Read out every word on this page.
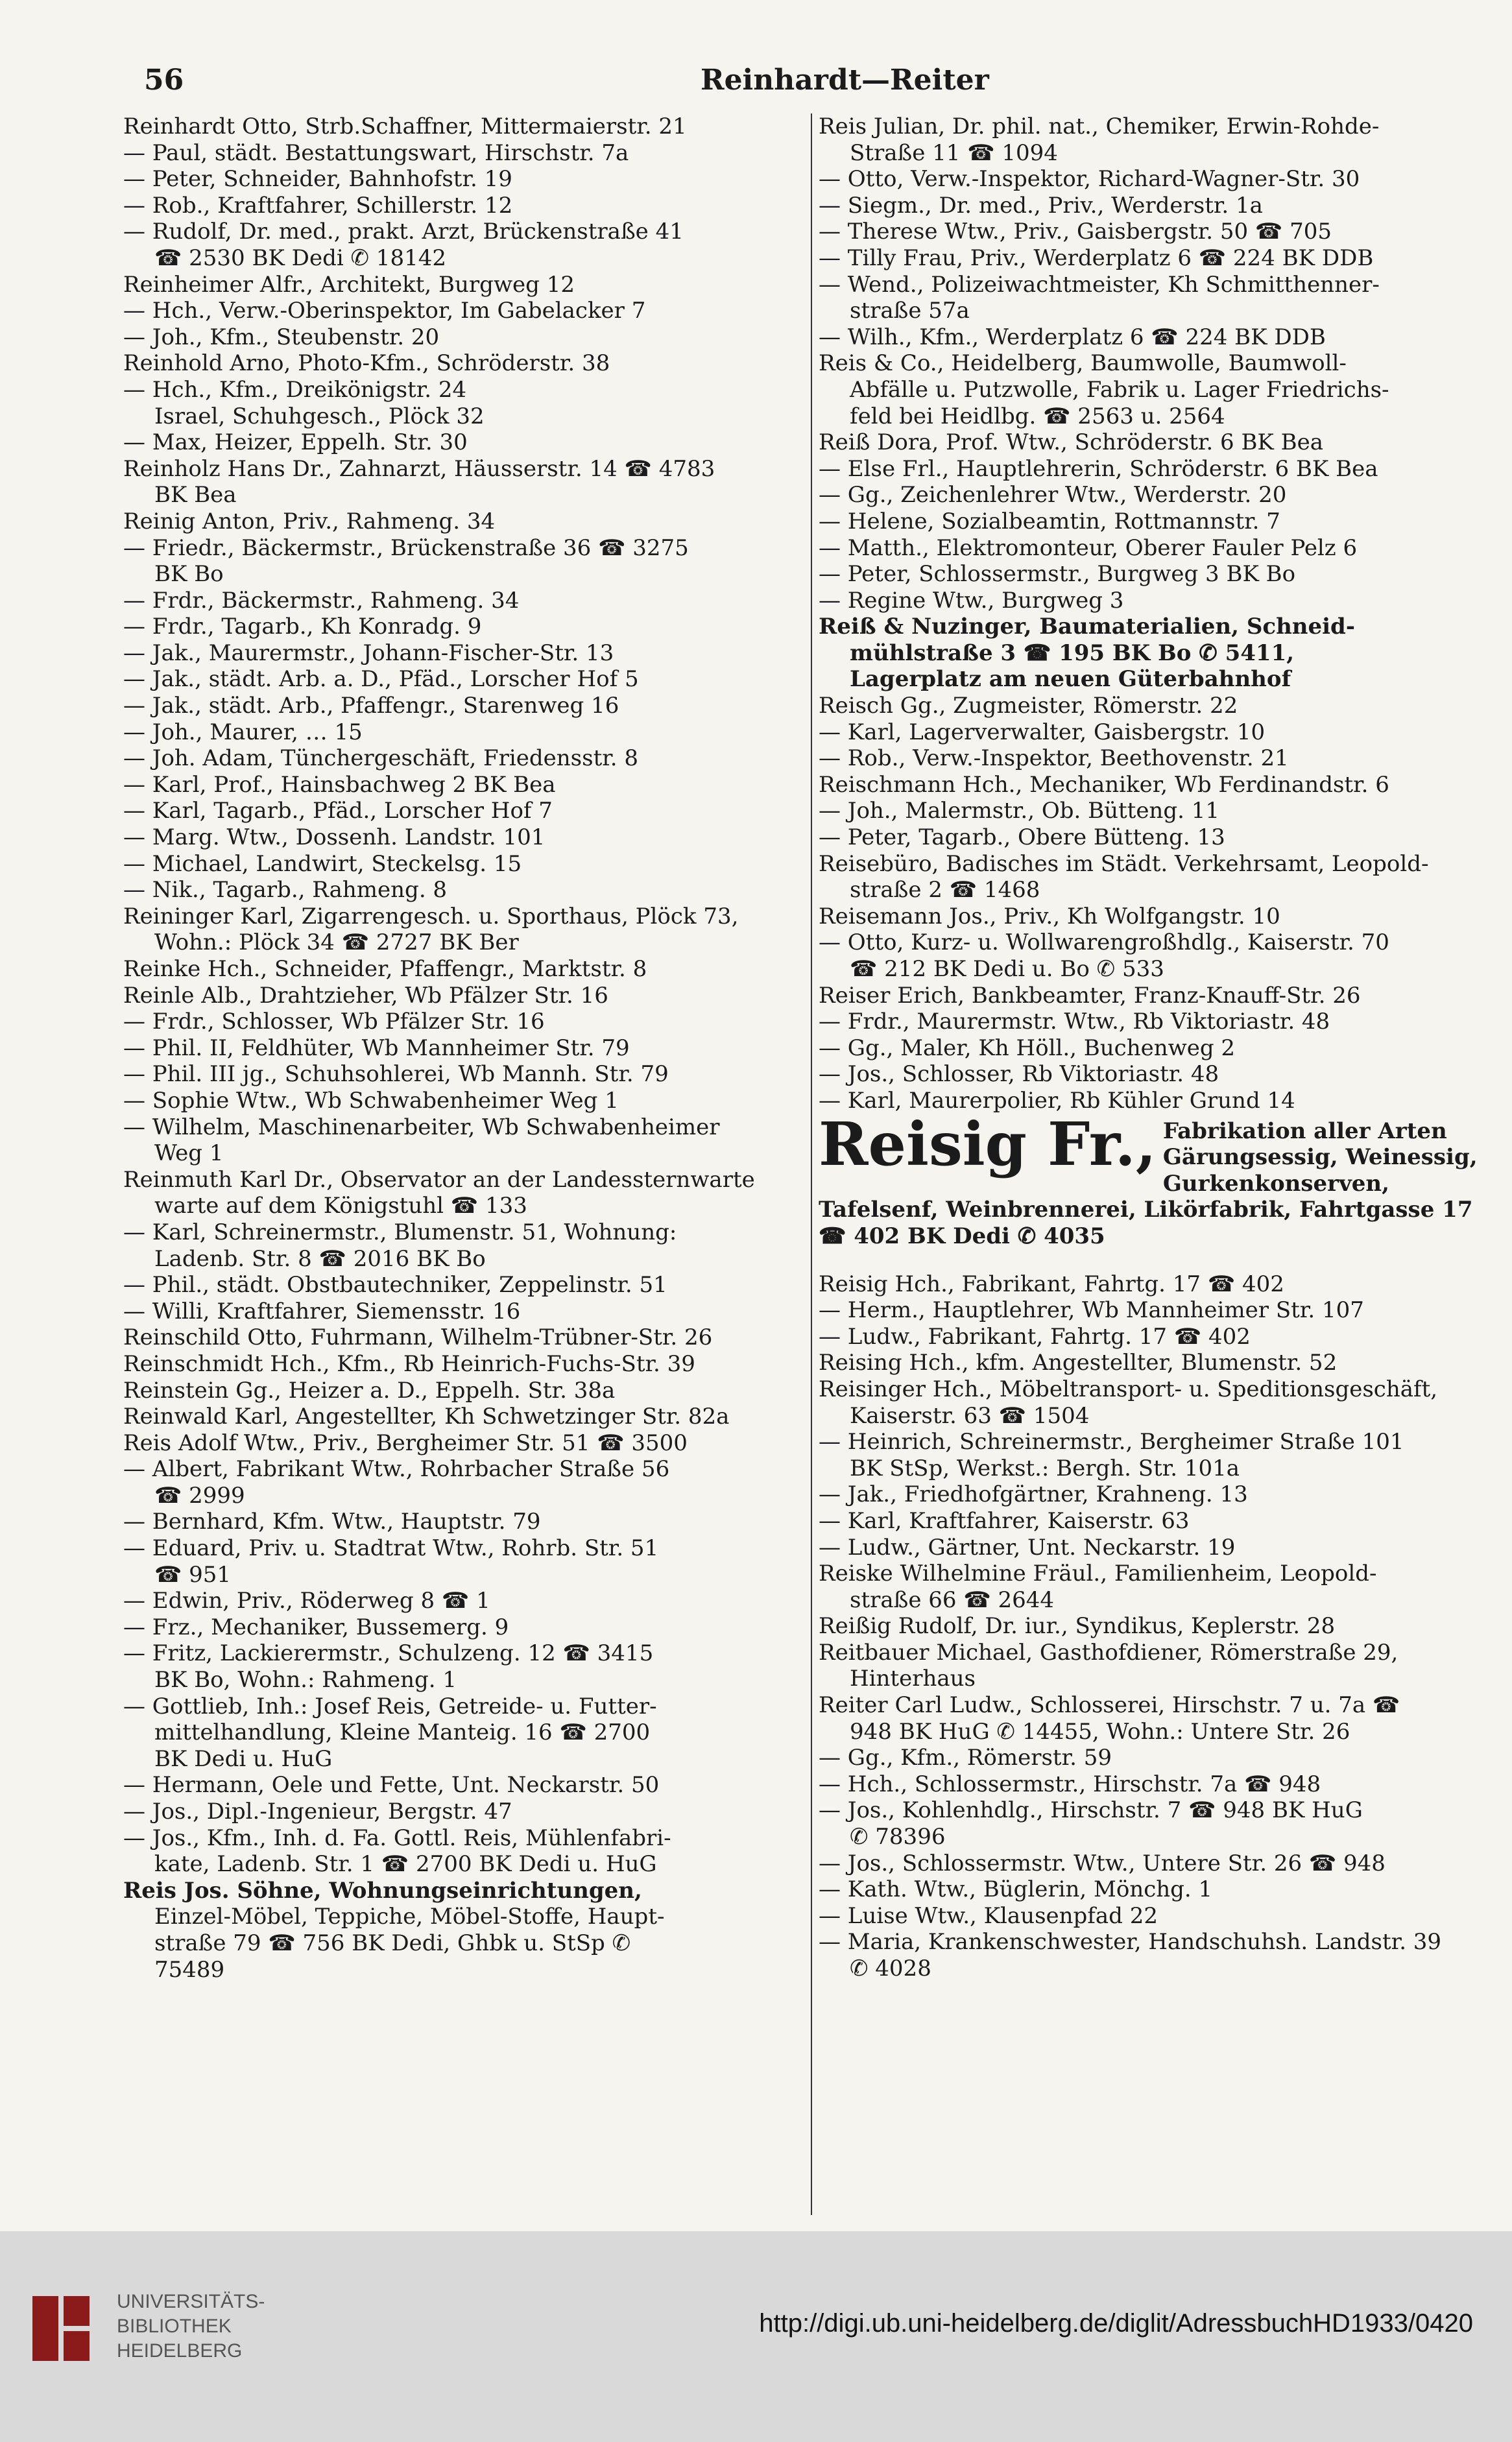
56	Reinhardt—Reiter
Reinhardt Otto, Strb.Schaffner, Mittermaierstr. 21
— Paul, städt. Bestattungswart, Hirschstr. 7a
— Peter, Schneider, Bahnhofstr. 19
— Rob., Kraftfahrer, Schillerstr. 12
— Rudolf, Dr. med., prakt. Arzt, Brückenstraße 41
☎ 2530 BK Dedi ✆ 18142
Reinheimer Alfr., Architekt, Burgweg 12
— Hch., Verw.-Oberinspektor, Im Gabelacker 7
— Joh., Kfm., Steubenstr. 20
Reinhold Arno, Photo-Kfm., Schröderstr. 38
— Hch., Kfm., Dreikönigstr. 24
Israel, Schuhgesch., Plöck 32
— Max, Heizer, Eppelh. Str. 30
Reinholz Hans Dr., Zahnarzt, Häusserstr. 14 ☎ 4783
BK Bea
Reinig Anton, Priv., Rahmeng. 34
— Friedr., Bäckermstr., Brückenstraße 36 ☎ 3275
BK Bo
— Frdr., Bäckermstr., Rahmeng. 34
— Frdr., Tagarb., Kh Konradg. 9
— Jak., Maurermstr., Johann-Fischer-Str. 13
— Jak., städt. Arb. a. D., Pfäd., Lorscher Hof 5
— Jak., städt. Arb., Pfaffengr., Starenweg 16
— Joh., Maurer, … 15
— Joh. Adam, Tünchergeschäft, Friedensstr. 8
— Karl, Prof., Hainsbachweg 2 BK Bea
— Karl, Tagarb., Pfäd., Lorscher Hof 7
— Marg. Wtw., Dossenh. Landstr. 101
— Michael, Landwirt, Steckelsg. 15
— Nik., Tagarb., Rahmeng. 8
Reininger Karl, Zigarrengesch. u. Sporthaus, Plöck 73,
Wohn.: Plöck 34 ☎ 2727 BK Ber
Reinke Hch., Schneider, Pfaffengr., Marktstr. 8
Reinle Alb., Drahtzieher, Wb Pfälzer Str. 16
— Frdr., Schlosser, Wb Pfälzer Str. 16
— Phil. II, Feldhüter, Wb Mannheimer Str. 79
— Phil. III jg., Schuhsohlerei, Wb Mannh. Str. 79
— Sophie Wtw., Wb Schwabenheimer Weg 1
— Wilhelm, Maschinenarbeiter, Wb Schwabenheimer
Weg 1
Reinmuth Karl Dr., Observator an der Landessternwarte
warte auf dem Königstuhl ☎ 133
— Karl, Schreinermstr., Blumenstr. 51, Wohnung:
Ladenb. Str. 8 ☎ 2016 BK Bo
— Phil., städt. Obstbautechniker, Zeppelinstr. 51
— Willi, Kraftfahrer, Siemensstr. 16
Reinschild Otto, Fuhrmann, Wilhelm-Trübner-Str. 26
Reinschmidt Hch., Kfm., Rb Heinrich-Fuchs-Str. 39
Reinstein Gg., Heizer a. D., Eppelh. Str. 38a
Reinwald Karl, Angestellter, Kh Schwetzinger Str. 82a
Reis Adolf Wtw., Priv., Bergheimer Str. 51 ☎ 3500
— Albert, Fabrikant Wtw., Rohrbacher Straße 56
☎ 2999
— Bernhard, Kfm. Wtw., Hauptstr. 79
— Eduard, Priv. u. Stadtrat Wtw., Rohrb. Str. 51
☎ 951
— Edwin, Priv., Röderweg 8 ☎ 1
— Frz., Mechaniker, Bussemerg. 9
— Fritz, Lackierermstr., Schulzeng. 12 ☎ 3415
BK Bo, Wohn.: Rahmeng. 1
— Gottlieb, Inh.: Josef Reis, Getreide- u. Futter-
mittelhandlung, Kleine Manteig. 16 ☎ 2700
BK Dedi u. HuG
— Hermann, Oele und Fette, Unt. Neckarstr. 50
— Jos., Dipl.-Ingenieur, Bergstr. 47
— Jos., Kfm., Inh. d. Fa. Gottl. Reis, Mühlenfabri-
kate, Ladenb. Str. 1 ☎ 2700 BK Dedi u. HuG
Reis Jos. Söhne, Wohnungseinrichtungen,
Einzel-Möbel, Teppiche, Möbel-Stoffe, Haupt-
straße 79 ☎ 756 BK Dedi, Ghbk u. StSp ✆
75489
Reis Julian, Dr. phil. nat., Chemiker, Erwin-Rohde-
Straße 11 ☎ 1094
— Otto, Verw.-Inspektor, Richard-Wagner-Str. 30
— Siegm., Dr. med., Priv., Werderstr. 1a
— Therese Wtw., Priv., Gaisbergstr. 50 ☎ 705
— Tilly Frau, Priv., Werderplatz 6 ☎ 224 BK DDB
— Wend., Polizeiwachtmeister, Kh Schmitthenner-
straße 57a
— Wilh., Kfm., Werderplatz 6 ☎ 224 BK DDB
Reis & Co., Heidelberg, Baumwolle, Baumwoll-
Abfälle u. Putzwolle, Fabrik u. Lager Friedrichs-
feld bei Heidlbg. ☎ 2563 u. 2564
Reiß Dora, Prof. Wtw., Schröderstr. 6 BK Bea
— Else Frl., Hauptlehrerin, Schröderstr. 6 BK Bea
— Gg., Zeichenlehrer Wtw., Werderstr. 20
— Helene, Sozialbeamtin, Rottmannstr. 7
— Matth., Elektromonteur, Oberer Fauler Pelz 6
— Peter, Schlossermstr., Burgweg 3 BK Bo
— Regine Wtw., Burgweg 3
Reiß & Nuzinger, Baumaterialien, Schneid-
mühlstraße 3 ☎ 195 BK Bo ✆ 5411,
Lagerplatz am neuen Güterbahnhof
Reisch Gg., Zugmeister, Römerstr. 22
— Karl, Lagerverwalter, Gaisbergstr. 10
— Rob., Verw.-Inspektor, Beethovenstr. 21
Reischmann Hch., Mechaniker, Wb Ferdinandstr. 6
— Joh., Malermstr., Ob. Bütteng. 11
— Peter, Tagarb., Obere Bütteng. 13
Reisebüro, Badisches im Städt. Verkehrsamt, Leopold-
straße 2 ☎ 1468
Reisemann Jos., Priv., Kh Wolfgangstr. 10
— Otto, Kurz- u. Wollwarengroßhdlg., Kaiserstr. 70
☎ 212 BK Dedi u. Bo ✆ 533
Reiser Erich, Bankbeamter, Franz-Knauff-Str. 26
— Frdr., Maurermstr. Wtw., Rb Viktoriastr. 48
— Gg., Maler, Kh Höll., Buchenweg 2
— Jos., Schlosser, Rb Viktoriastr. 48
— Karl, Maurerpolier, Rb Kühler Grund 14
Reisig Fr., Fabrikation aller Arten Gärungsessig, Weinessig, Gurkenkonserven, Tafelsenf, Weinbrennerei, Likörfabrik, Fahrtgasse 17 ☎ 402 BK Dedi ✆ 4035
Reisig Hch., Fabrikant, Fahrtg. 17 ☎ 402
— Herm., Hauptlehrer, Wb Mannheimer Str. 107
— Ludw., Fabrikant, Fahrtg. 17 ☎ 402
Reising Hch., kfm. Angestellter, Blumenstr. 52
Reisinger Hch., Möbeltransport- u. Speditionsgeschäft,
Kaiserstr. 63 ☎ 1504
— Heinrich, Schreinermstr., Bergheimer Straße 101
BK StSp, Werkst.: Bergh. Str. 101a
— Jak., Friedhofgärtner, Krahneng. 13
— Karl, Kraftfahrer, Kaiserstr. 63
— Ludw., Gärtner, Unt. Neckarstr. 19
Reiske Wilhelmine Fräul., Familienheim, Leopold-
straße 66 ☎ 2644
Reißig Rudolf, Dr. iur., Syndikus, Keplerstr. 28
Reitbauer Michael, Gasthofdiener, Römerstraße 29,
Hinterhaus
Reiter Carl Ludw., Schlosserei, Hirschstr. 7 u. 7a ☎
948 BK HuG ✆ 14455, Wohn.: Untere Str. 26
— Gg., Kfm., Römerstr. 59
— Hch., Schlossermstr., Hirschstr. 7a ☎ 948
— Jos., Kohlenhdlg., Hirschstr. 7 ☎ 948 BK HuG
✆ 78396
— Jos., Schlossermstr. Wtw., Untere Str. 26 ☎ 948
— Kath. Wtw., Büglerin, Mönchg. 1
— Luise Wtw., Klausenpfad 22
— Maria, Krankenschwester, Handschuhsh. Landstr. 39
✆ 4028
UNIVERSITÄTS-
BIBLIOTHEK
HEIDELBERG
http://digi.ub.uni-heidelberg.de/diglit/AdressbuchHD1933/0420
